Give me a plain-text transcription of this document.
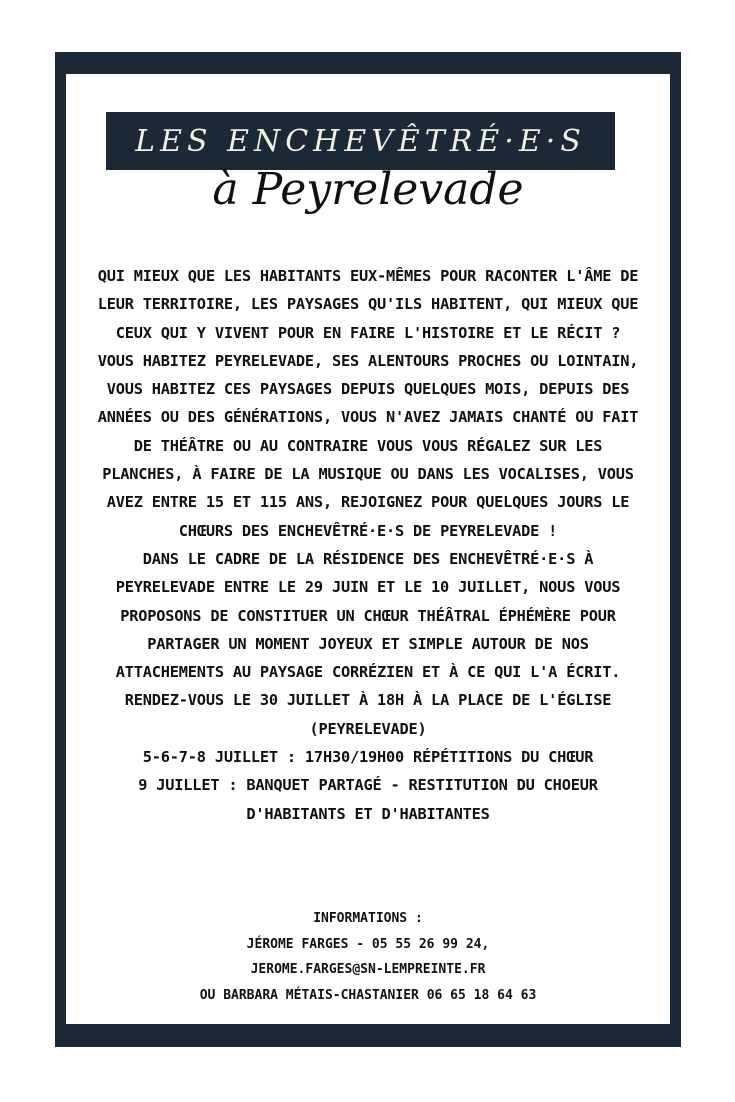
LES ENCHEVÊTRÉ·E·S
à Peyrelevade

QUI MIEUX QUE LES HABITANTS EUX-MÊMES POUR RACONTER L'ÂME DE LEUR TERRITOIRE, LES PAYSAGES QU'ILS HABITENT, QUI MIEUX QUE CEUX QUI Y VIVENT POUR EN FAIRE L'HISTOIRE ET LE RÉCIT ?

VOUS HABITEZ PEYRELEVADE, SES ALENTOURS PROCHES OU LOINTAIN, VOUS HABITEZ CES PAYSAGES DEPUIS QUELQUES MOIS, DEPUIS DES ANNÉES OU DES GÉNÉRATIONS, VOUS N'AVEZ JAMAIS CHANTÉ OU FAIT DE THÉÂTRE OU AU CONTRAIRE VOUS VOUS RÉGALEZ SUR LES PLANCHES, À FAIRE DE LA MUSIQUE OU DANS LES VOCALISES, VOUS AVEZ ENTRE 15 ET 115 ANS, REJOIGNEZ POUR QUELQUES JOURS LE CHŒURS DES ENCHEVÊTRÉ·E·S DE PEYRELEVADE !

DANS LE CADRE DE LA RÉSIDENCE DES ENCHEVÊTRÉ·E·S À PEYRELEVADE ENTRE LE 29 JUIN ET LE 10 JUILLET, NOUS VOUS PROPOSONS DE CONSTITUER UN CHŒUR THÉÂTRAL ÉPHÉMÈRE POUR PARTAGER UN MOMENT JOYEUX ET SIMPLE AUTOUR DE NOS ATTACHEMENTS AU PAYSAGE CORRÉZIEN ET À CE QUI L'A ÉCRIT.

RENDEZ-VOUS LE 30 JUILLET À 18H À LA PLACE DE L'ÉGLISE (PEYRELEVADE)

5-6-7-8 JUILLET : 17H30/19H00 RÉPÉTITIONS DU CHŒUR

9 JUILLET : BANQUET PARTAGÉ - RESTITUTION DU CHOEUR D'HABITANTS ET D'HABITANTES

INFORMATIONS :

JÉROME FARGES - 05 55 26 99 24,

JEROME.FARGES@SN-LEMPREINTE.FR

OU BARBARA MÉTAIS-CHASTANIER 06 65 18 64 63
